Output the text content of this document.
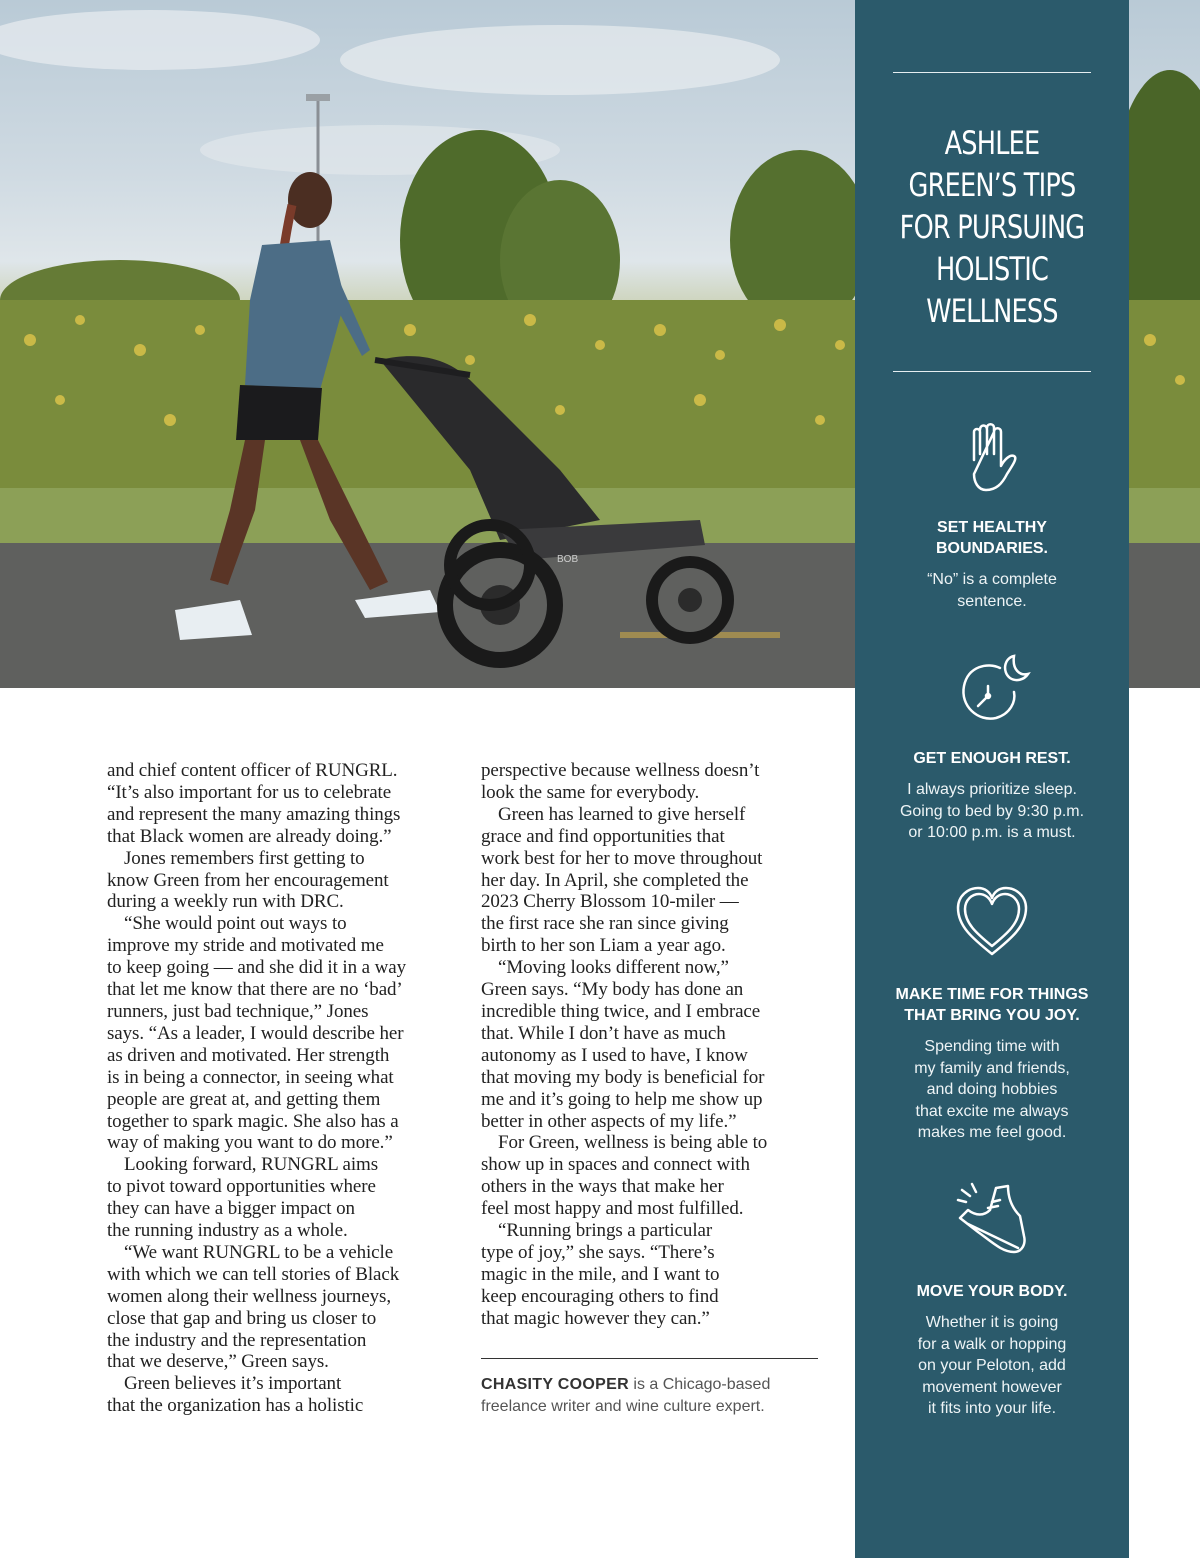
BOB
ASHLEE
GREEN’S TIPS
FOR PURSUING
HOLISTIC
WELLNESS
SET HEALTHY
BOUNDARIES.
“No” is a complete
sentence.
GET ENOUGH REST.
I always prioritize sleep.
Going to bed by 9:30 p.m.
or 10:00 p.m. is a must.
MAKE TIME FOR THINGS
THAT BRING YOU JOY.
Spending time with
my family and friends,
and doing hobbies
that excite me always
makes me feel good.
MOVE YOUR BODY.
Whether it is going
for a walk or hopping
on your Peloton, add
movement however
it fits into your life.

and chief content officer of RUNGRL.
“It’s also important for us to celebrate
and represent the many amazing things
that Black women are already doing.”

Jones remembers first getting to
know Green from her encouragement
during a weekly run with DRC.

“She would point out ways to
improve my stride and motivated me
to keep going — and she did it in a way
that let me know that there are no ‘bad’
runners, just bad technique,” Jones
says. “As a leader, I would describe her
as driven and motivated. Her strength
is in being a connector, in seeing what
people are great at, and getting them
together to spark magic. She also has a
way of making you want to do more.”

Looking forward, RUNGRL aims
to pivot toward opportunities where
they can have a bigger impact on
the running industry as a whole.

“We want RUNGRL to be a vehicle
with which we can tell stories of Black
women along their wellness journeys,
close that gap and bring us closer to
the industry and the representation
that we deserve,” Green says.

Green believes it’s important
that the organization has a holistic

perspective because wellness doesn’t
look the same for everybody.

Green has learned to give herself
grace and find opportunities that
work best for her to move throughout
her day. In April, she completed the
2023 Cherry Blossom 10-miler —
the first race she ran since giving
birth to her son Liam a year ago.

“Moving looks different now,”
Green says. “My body has done an
incredible thing twice, and I embrace
that. While I don’t have as much
autonomy as I used to have, I know
that moving my body is beneficial for
me and it’s going to help me show up
better in other aspects of my life.”

For Green, wellness is being able to
show up in spaces and connect with
others in the ways that make her
feel most happy and most fulfilled.

“Running brings a particular
type of joy,” she says. “There’s
magic in the mile, and I want to
keep encouraging others to find
that magic however they can.”

CHASITY COOPER is a Chicago-based
freelance writer and wine culture expert.
